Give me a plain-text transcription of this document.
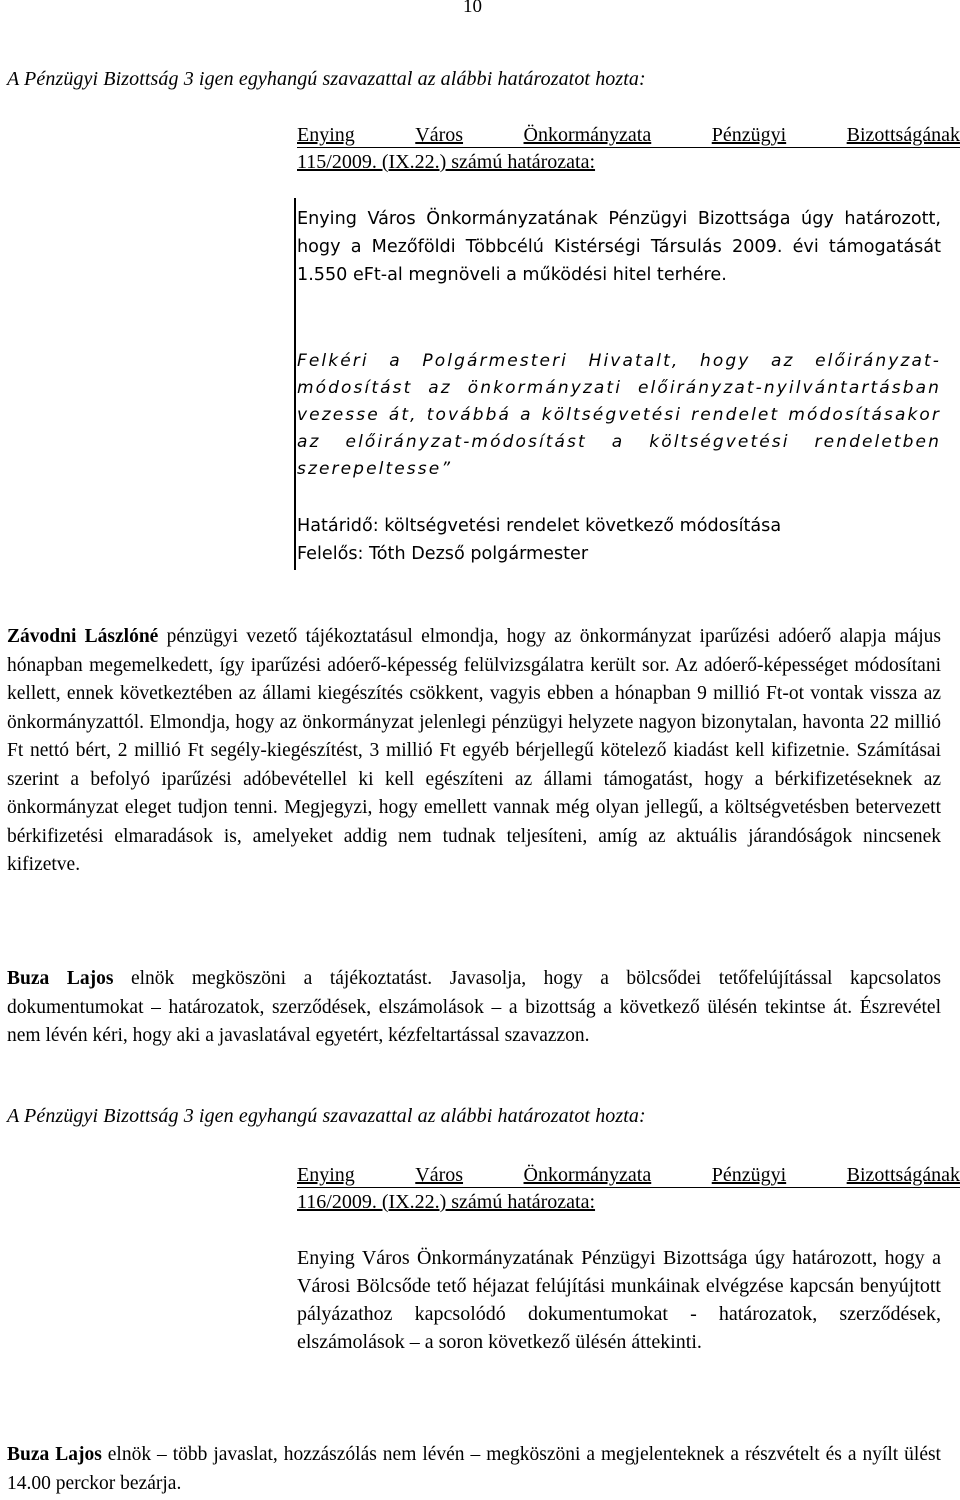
10
A Pénzügyi Bizottság 3 igen egyhangú szavazattal az alábbi határozatot hozta:
Enying	Város	Önkormányzata	Pénzügyi	Bizottságának
115/2009. (IX.22.) számú határozata:
Enying Város Önkormányzatának Pénzügyi Bizottsága úgy határozott, hogy a Mezőföldi Többcélú Kistérségi Társulás 2009. évi támogatását 1.550 eFt-al megnöveli a működési hitel terhére.
Felkéri a Polgármesteri Hivatalt, hogy az előirányzat-módosítást az önkormányzati előirányzat-nyilvántartásban vezesse át, továbbá a költségvetési rendelet módosításakor az előirányzat-módosítást a költségvetési rendeletben szerepeltesse”
Határidő: költségvetési rendelet következő módosítása
Felelős: Tóth Dezső polgármester
Závodni Lászlóné pénzügyi vezető tájékoztatásul elmondja, hogy az önkormányzat iparűzési adóerő alapja május hónapban megemelkedett, így iparűzési adóerő-képesség felülvizsgálatra került sor. Az adóerő-képességet módosítani kellett, ennek következtében az állami kiegészítés csökkent, vagyis ebben a hónapban 9 millió Ft-ot vontak vissza az önkormányzattól. Elmondja, hogy az önkormányzat jelenlegi pénzügyi helyzete nagyon bizonytalan, havonta 22 millió Ft nettó bért, 2 millió Ft segély-kiegészítést, 3 millió Ft egyéb bérjellegű kötelező kiadást kell kifizetnie. Számításai szerint a befolyó iparűzési adóbevétellel ki kell egészíteni az állami támogatást, hogy a bérkifizetéseknek az önkormányzat eleget tudjon tenni. Megjegyzi, hogy emellett vannak még olyan jellegű, a költségvetésben betervezett bérkifizetési elmaradások is, amelyeket addig nem tudnak teljesíteni, amíg az aktuális járandóságok nincsenek kifizetve.
Buza Lajos elnök megköszöni a tájékoztatást. Javasolja, hogy a bölcsődei tetőfelújítással kapcsolatos dokumentumokat – határozatok, szerződések, elszámolások – a bizottság a következő ülésén tekintse át. Észrevétel nem lévén kéri, hogy aki a javaslatával egyetért, kézfeltartással szavazzon.
A Pénzügyi Bizottság 3 igen egyhangú szavazattal az alábbi határozatot hozta:
Enying	Város	Önkormányzata	Pénzügyi	Bizottságának
116/2009. (IX.22.) számú határozata:
Enying Város Önkormányzatának Pénzügyi Bizottsága úgy határozott, hogy a Városi Bölcsőde tető héjazat felújítási munkáinak elvégzése kapcsán benyújtott pályázathoz kapcsolódó dokumentumokat - határozatok, szerződések, elszámolások – a soron következő ülésén áttekinti.
Buza Lajos elnök – több javaslat, hozzászólás nem lévén – megköszöni a megjelenteknek a részvételt és a nyílt ülést 14.00 perckor bezárja.
